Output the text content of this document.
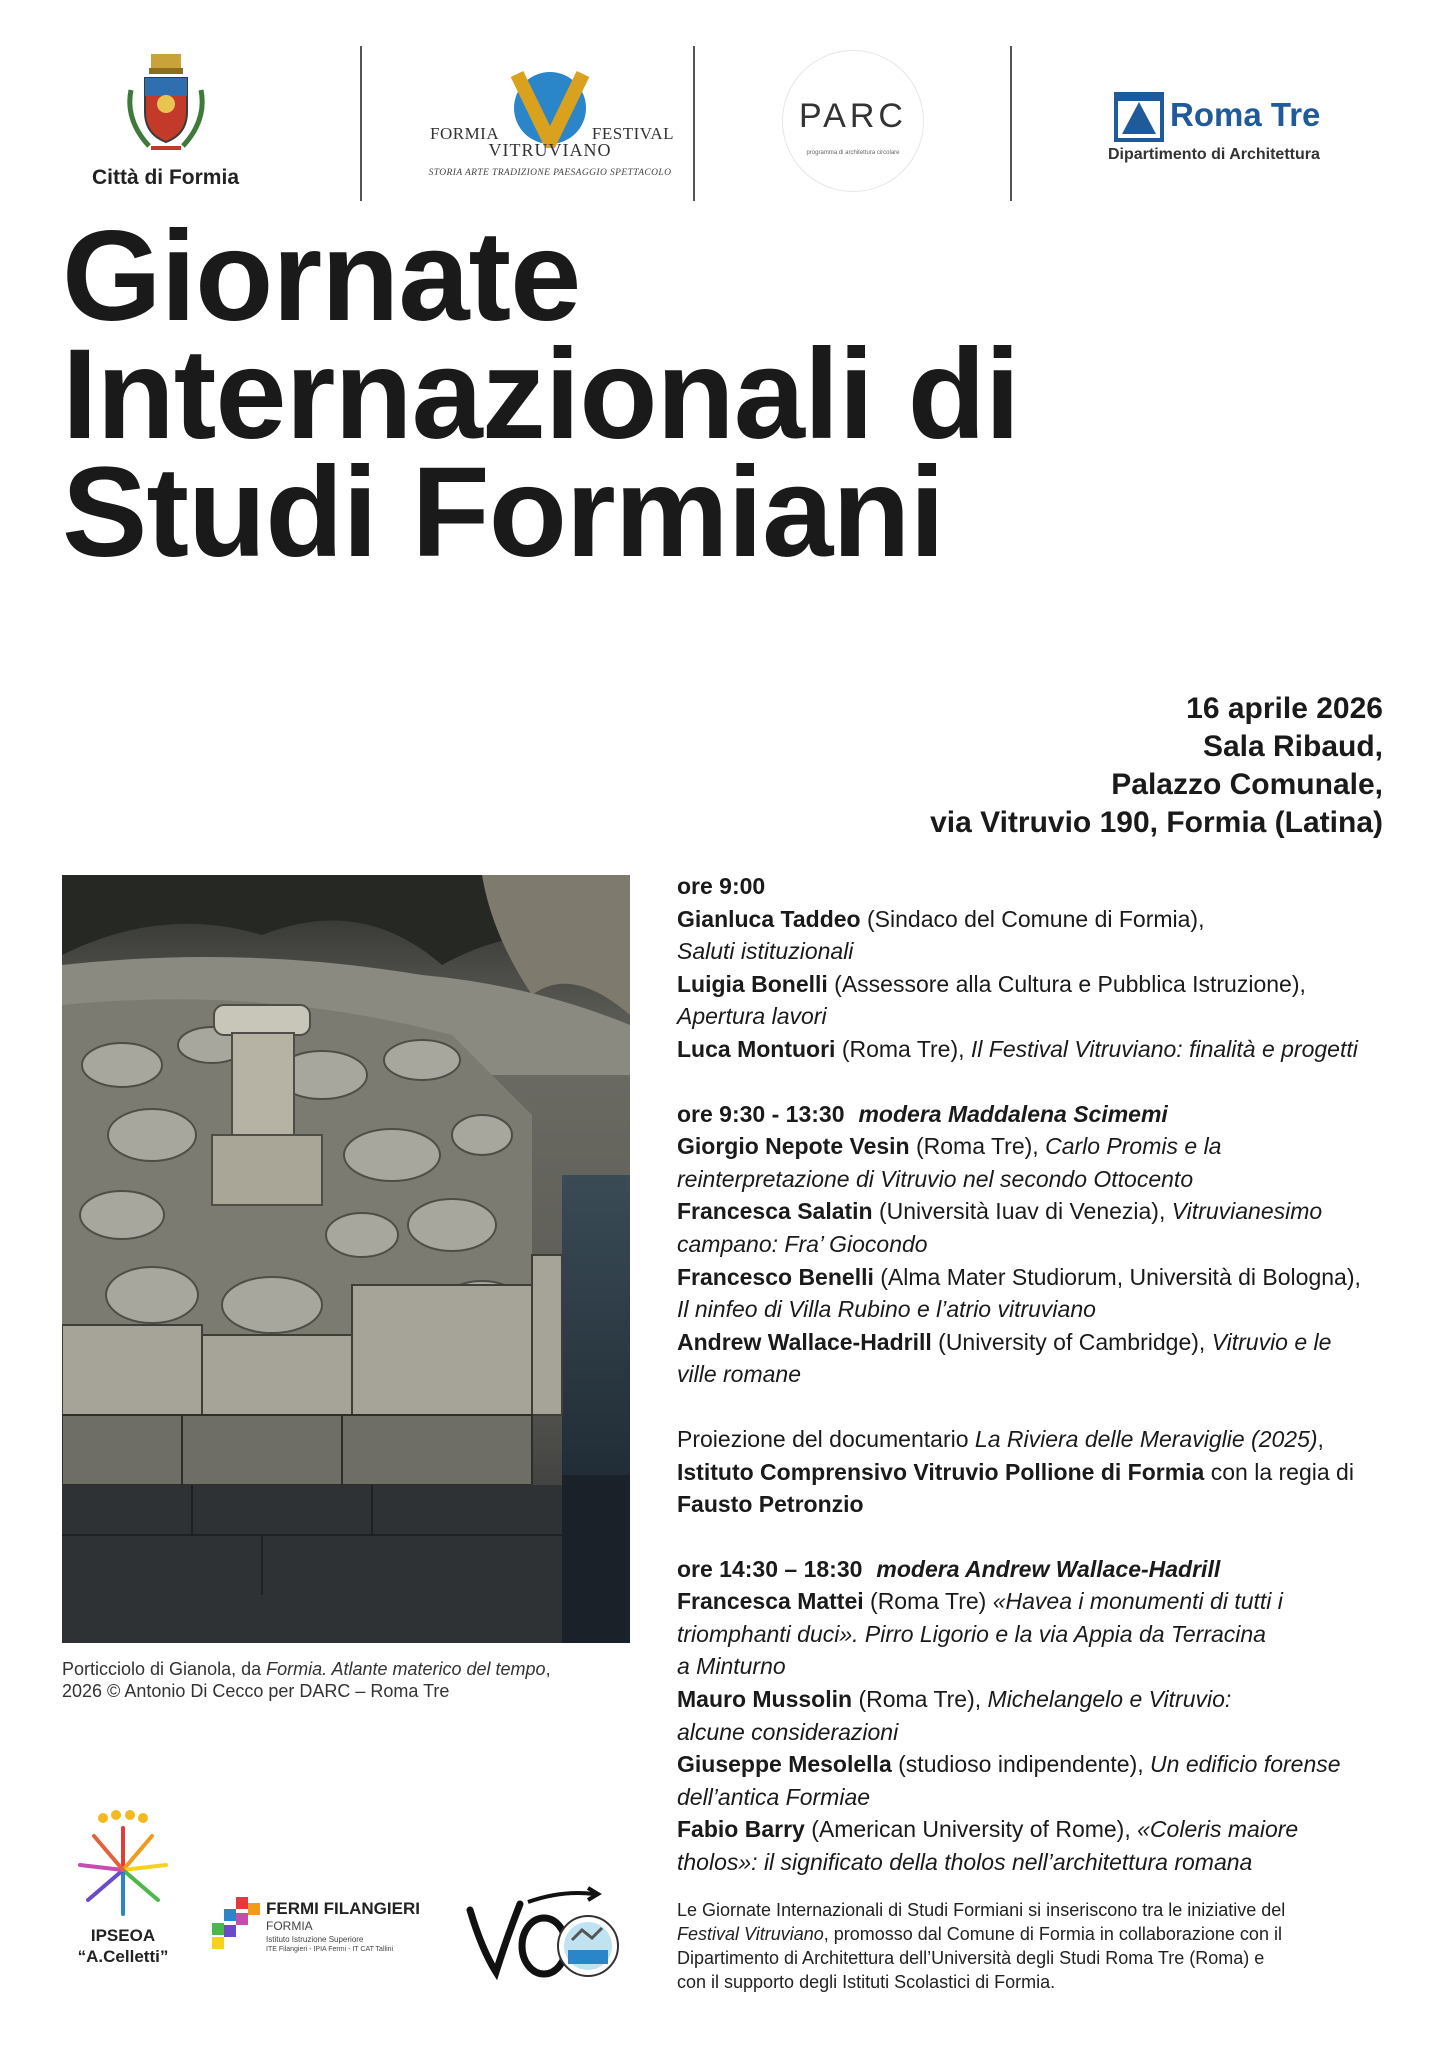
Città di Formia
FORMIA	FESTIVAL
VITRUVIANO
STORIA ARTE TRADIZIONE PAESAGGIO SPETTACOLO
PARC
programma di architettura circolare
Roma Tre
Dipartimento di Architettura
Giornate
Internazionali di
Studi Formiani
16 aprile 2026
Sala Ribaud,
Palazzo Comunale,
via Vitruvio 190, Formia (Latina)
Porticciolo di Gianola, da Formia. Atlante materico del tempo,
2026 © Antonio Di Cecco per DARC – Roma Tre

ore 9:00

Gianluca Taddeo (Sindaco del Comune di Formia),

Saluti istituzionali

Luigia Bonelli (Assessore alla Cultura e Pubblica Istruzione),

Apertura lavori

Luca Montuori (Roma Tre), Il Festival Vitruviano: finalità e progetti

ore 9:30 - 13:30 modera Maddalena Scimemi

Giorgio Nepote Vesin (Roma Tre), Carlo Promis e la

reinterpretazione di Vitruvio nel secondo Ottocento

Francesca Salatin (Università Iuav di Venezia), Vitruvianesimo

campano: Fra’ Giocondo

Francesco Benelli (Alma Mater Studiorum, Università di Bologna),

Il ninfeo di Villa Rubino e l’atrio vitruviano

Andrew Wallace-Hadrill (University of Cambridge), Vitruvio e le

ville romane

Proiezione del documentario La Riviera delle Meraviglie (2025),

Istituto Comprensivo Vitruvio Pollione di Formia con la regia di

Fausto Petronzio

ore 14:30 – 18:30 modera Andrew Wallace-Hadrill

Francesca Mattei (Roma Tre) «Havea i monumenti di tutti i

triomphanti duci». Pirro Ligorio e la via Appia da Terracina

a Minturno

Mauro Mussolin (Roma Tre), Michelangelo e Vitruvio:

alcune considerazioni

Giuseppe Mesolella (studioso indipendente), Un edificio forense

dell’antica Formiae

Fabio Barry (American University of Rome), «Coleris maiore

tholos»: il significato della tholos nell’architettura romana

Le Giornate Internazionali di Studi Formiani si inseriscono tra le iniziative del
Festival Vitruviano, promosso dal Comune di Formia in collaborazione con il
Dipartimento di Architettura dell’Università degli Studi Roma Tre (Roma) e
con il supporto degli Istituti Scolastici di Formia.
IPSEOA
“A.Celletti”
FERMI FILANGIERI
FORMIA
Istituto Istruzione Superiore
ITE Filangieri - IPIA Fermi - IT CAT Tallini
